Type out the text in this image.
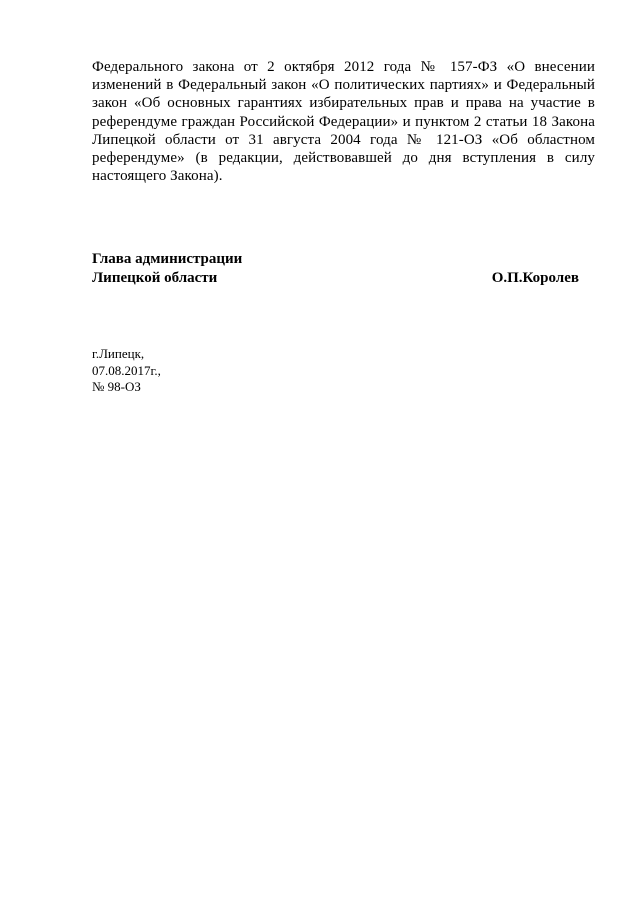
Федерального закона от 2 октября 2012 года № 157-ФЗ «О внесении
изменений в Федеральный закон «О политических партиях» и Федеральный
закон «Об основных гарантиях избирательных прав и права на участие в
референдуме граждан Российской Федерации» и пунктом 2 статьи 18 Закона
Липецкой области от 31 августа 2004 года № 121-ОЗ «Об областном
референдуме» (в редакции, действовавшей до дня вступления в силу
настоящего Закона).
Глава администрации
Липецкой области	О.П.Королев
г.Липецк,
07.08.2017г.,
№ 98-ОЗ
